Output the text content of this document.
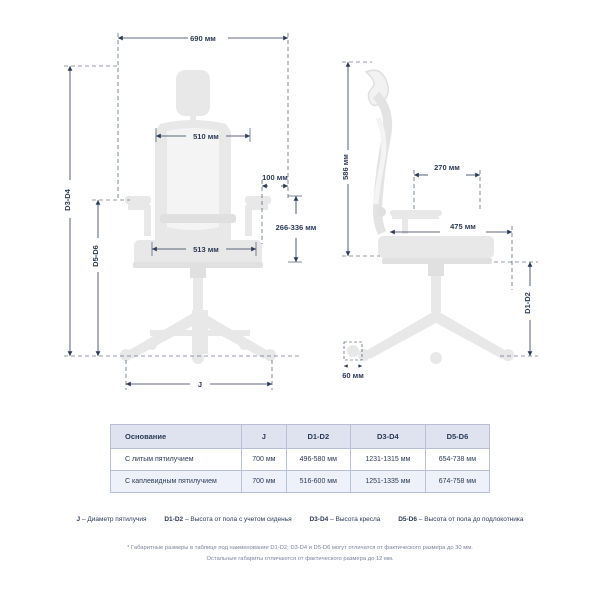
690 мм
510 мм
100 мм
513 мм
266-336 мм
D3-D4
D5-D6
J
586 мм	270 мм
475 мм
D1-D2
60 мм
Основание	J	D1-D2	D3-D4	D5-D6
С литым пятилучием	700 мм	496-580 мм	1231-1315 мм	654-738 мм
С каплевидным пятилучием	700 мм	516-600 мм	1251-1335 мм	674-758 мм
J – Диаметр пятилучия	D1-D2 – Высота от пола с учетом сиденья	D3-D4 – Высота кресла	D5-D6 – Высота от пола до подлокотника
* Габаритные размеры в таблице под наименование D1-D2; D3-D4 и D5-D6 могут отличатся от фактического размера до 30 мм.
Остальные габариты отличаются от фактического размера до 12 мм.
